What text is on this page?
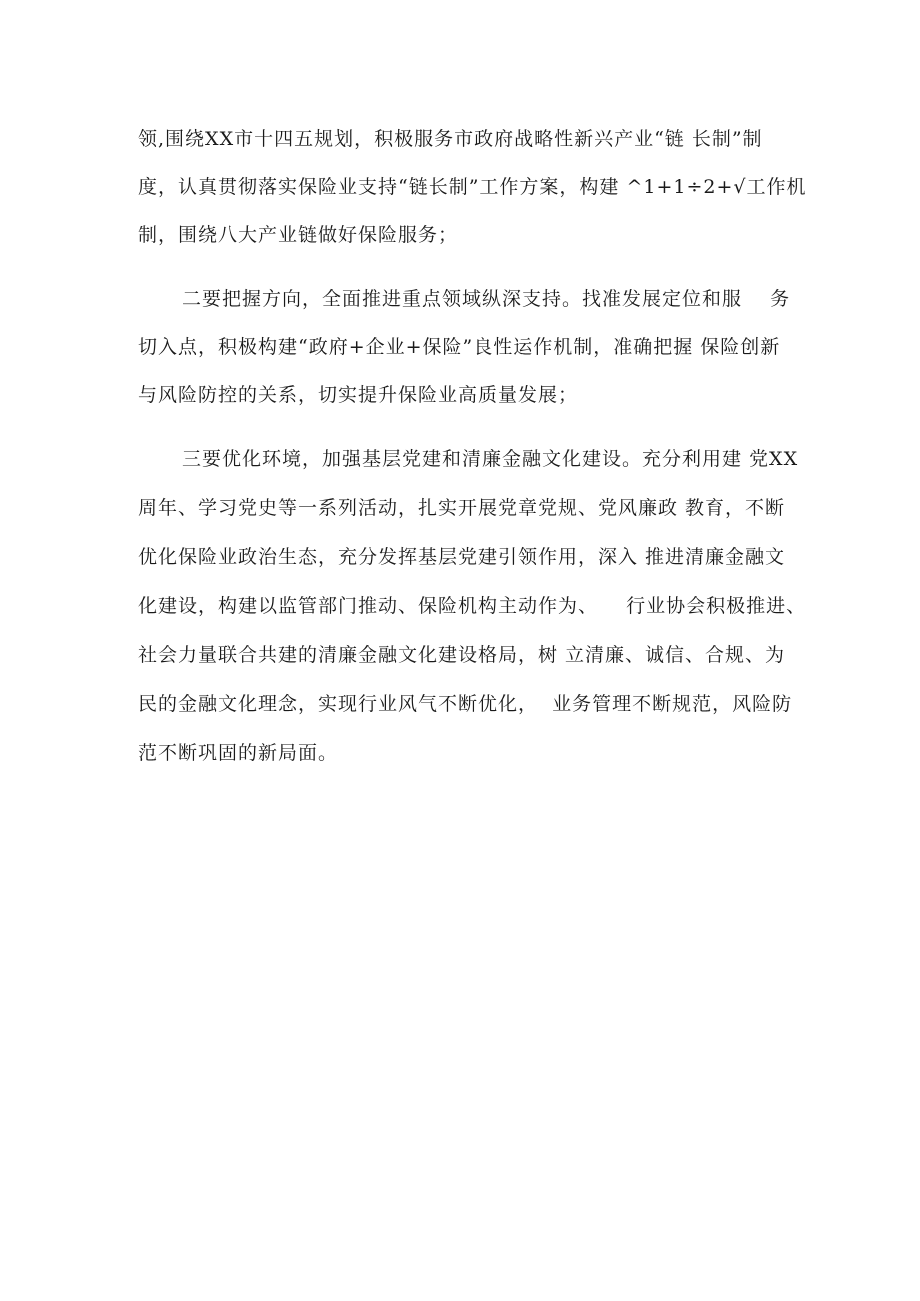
领,围绕XX市十四五规划，积极服务市政府战略性新兴产业“链 长制”制
度，认真贯彻落实保险业支持“链长制”工作方案，构建 ^1+1÷2+√工作机
制，围绕八大产业链做好保险服务；
二要把握方向，全面推进重点领域纵深支持。找准发展定位和服    务
切入点，积极构建“政府+企业+保险”良性运作机制，准确把握 保险创新
与风险防控的关系，切实提升保险业高质量发展；
三要优化环境，加强基层党建和清廉金融文化建设。充分利用建 党XX
周年、学习党史等一系列活动，扎实开展党章党规、党风廉政 教育，不断
优化保险业政治生态，充分发挥基层党建引领作用，深入 推进清廉金融文
化建设，构建以监管部门推动、保险机构主动作为、    行业协会积极推进、
社会力量联合共建的清廉金融文化建设格局，树 立清廉、诚信、合规、为
民的金融文化理念，实现行业风气不断优化，  业务管理不断规范，风险防
范不断巩固的新局面。
